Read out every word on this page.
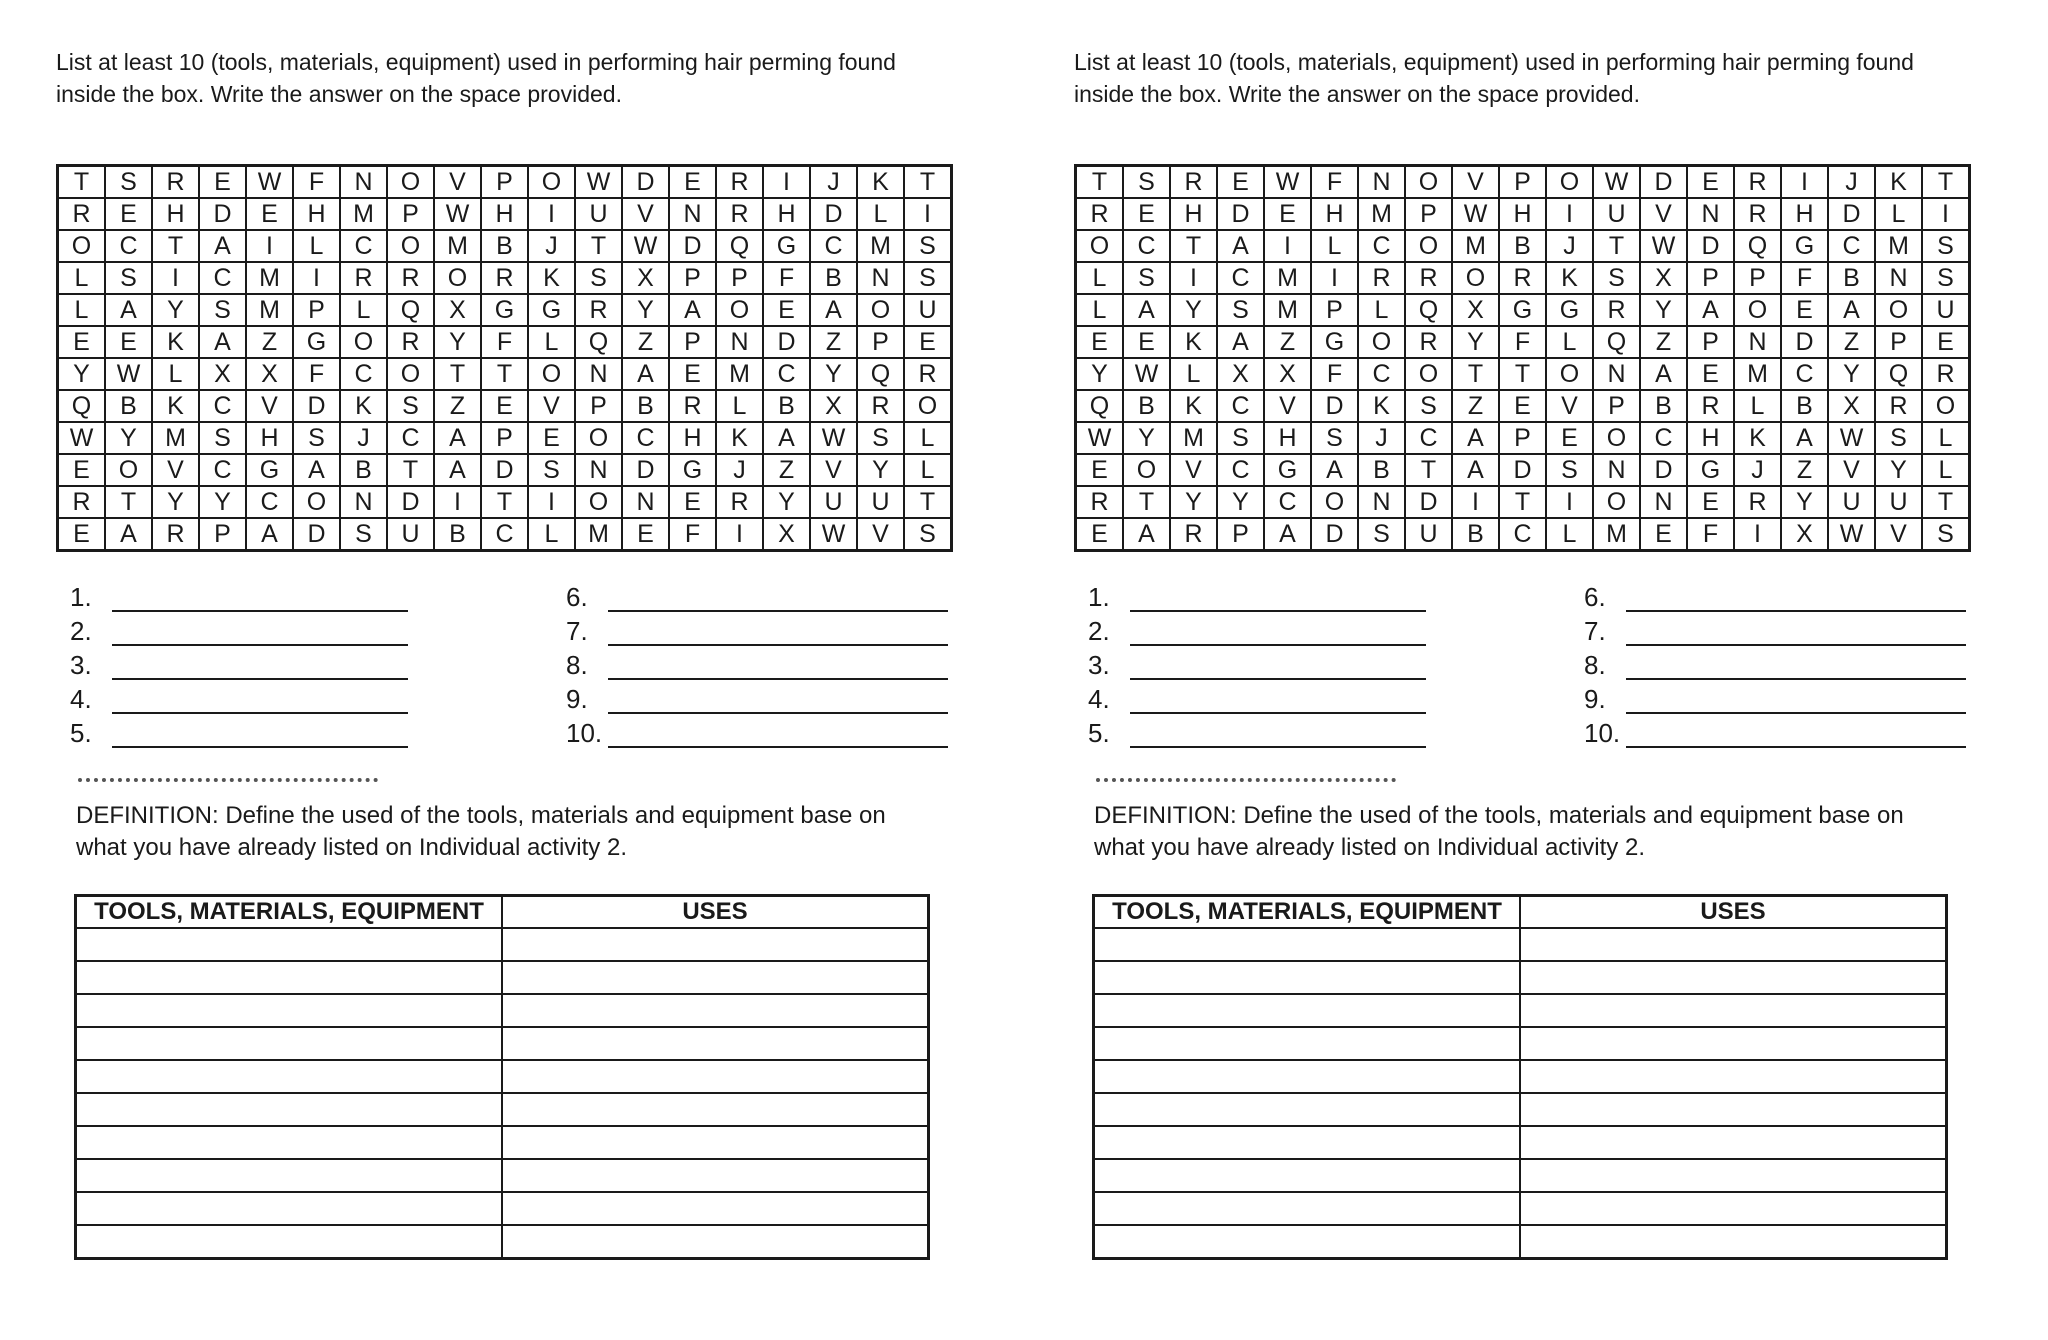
List at least 10 (tools, materials, equipment) used in performing hair perming found inside the box. Write the answer on the space provided.

T	S	R	E	W	F	N	O	V	P	O	W	D	E	R	I	J	K	T
R	E	H	D	E	H	M	P	W	H	I	U	V	N	R	H	D	L	I
O	C	T	A	I	L	C	O	M	B	J	T	W	D	Q	G	C	M	S
L	S	I	C	M	I	R	R	O	R	K	S	X	P	P	F	B	N	S
L	A	Y	S	M	P	L	Q	X	G	G	R	Y	A	O	E	A	O	U
E	E	K	A	Z	G	O	R	Y	F	L	Q	Z	P	N	D	Z	P	E
Y	W	L	X	X	F	C	O	T	T	O	N	A	E	M	C	Y	Q	R
Q	B	K	C	V	D	K	S	Z	E	V	P	B	R	L	B	X	R	O
W	Y	M	S	H	S	J	C	A	P	E	O	C	H	K	A	W	S	L
E	O	V	C	G	A	B	T	A	D	S	N	D	G	J	Z	V	Y	L
R	T	Y	Y	C	O	N	D	I	T	I	O	N	E	R	Y	U	U	T
E	A	R	P	A	D	S	U	B	C	L	M	E	F	I	X	W	V	S
1.
2.
3.
4.
5.
6.
7.
8.
9.
10.

DEFINITION: Define the used of the tools, materials and equipment base on what you have already listed on Individual activity 2.

TOOLS, MATERIALS, EQUIPMENT	USES

List at least 10 (tools, materials, equipment) used in performing hair perming found inside the box. Write the answer on the space provided.

T	S	R	E	W	F	N	O	V	P	O	W	D	E	R	I	J	K	T
R	E	H	D	E	H	M	P	W	H	I	U	V	N	R	H	D	L	I
O	C	T	A	I	L	C	O	M	B	J	T	W	D	Q	G	C	M	S
L	S	I	C	M	I	R	R	O	R	K	S	X	P	P	F	B	N	S
L	A	Y	S	M	P	L	Q	X	G	G	R	Y	A	O	E	A	O	U
E	E	K	A	Z	G	O	R	Y	F	L	Q	Z	P	N	D	Z	P	E
Y	W	L	X	X	F	C	O	T	T	O	N	A	E	M	C	Y	Q	R
Q	B	K	C	V	D	K	S	Z	E	V	P	B	R	L	B	X	R	O
W	Y	M	S	H	S	J	C	A	P	E	O	C	H	K	A	W	S	L
E	O	V	C	G	A	B	T	A	D	S	N	D	G	J	Z	V	Y	L
R	T	Y	Y	C	O	N	D	I	T	I	O	N	E	R	Y	U	U	T
E	A	R	P	A	D	S	U	B	C	L	M	E	F	I	X	W	V	S
1.
2.
3.
4.
5.
6.
7.
8.
9.
10.

DEFINITION: Define the used of the tools, materials and equipment base on what you have already listed on Individual activity 2.

TOOLS, MATERIALS, EQUIPMENT	USES
